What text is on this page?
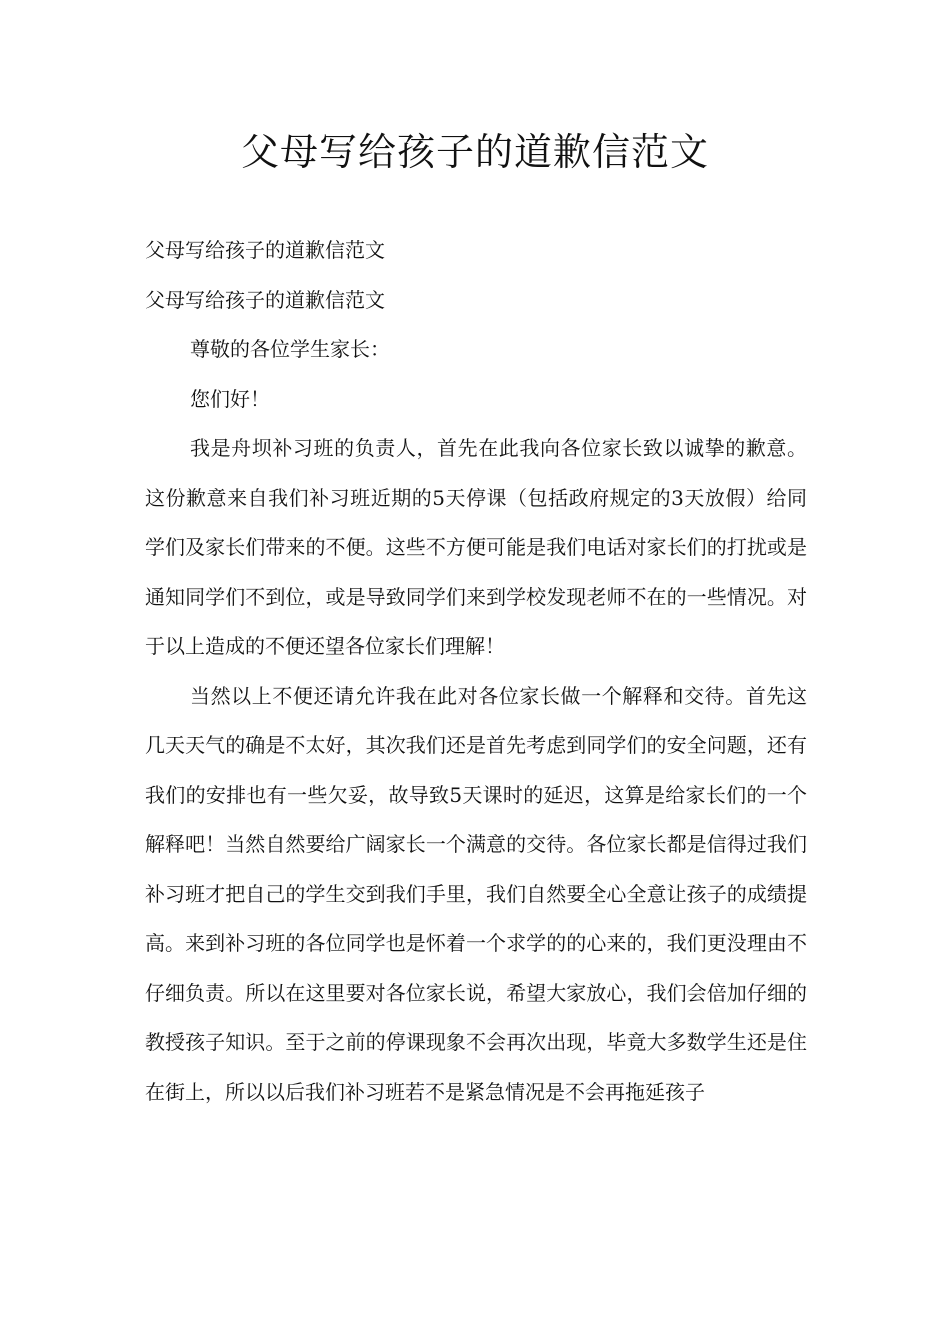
父母写给孩子的道歉信范文

父母写给孩子的道歉信范文

父母写给孩子的道歉信范文

尊敬的各位学生家长：

您们好！

我是舟坝补习班的负责人，首先在此我向各位家长致以诚挚的歉意。这份歉意来自我们补习班近期的5天停课（包括政府规定的3天放假）给同学们及家长们带来的不便。这些不方便可能是我们电话对家长们的打扰或是通知同学们不到位，或是导致同学们来到学校发现老师不在的一些情况。对于以上造成的不便还望各位家长们理解！

当然以上不便还请允许我在此对各位家长做一个解释和交待。首先这几天天气的确是不太好，其次我们还是首先考虑到同学们的安全问题，还有我们的安排也有一些欠妥，故导致5天课时的延迟，这算是给家长们的一个解释吧！当然自然要给广阔家长一个满意的交待。各位家长都是信得过我们补习班才把自己的学生交到我们手里，我们自然要全心全意让孩子的成绩提高。来到补习班的各位同学也是怀着一个求学的的心来的，我们更没理由不仔细负责。所以在这里要对各位家长说，希望大家放心，我们会倍加仔细的教授孩子知识。至于之前的停课现象不会再次出现，毕竟大多数学生还是住在街上，所以以后我们补习班若不是紧急情况是不会再拖延孩子
